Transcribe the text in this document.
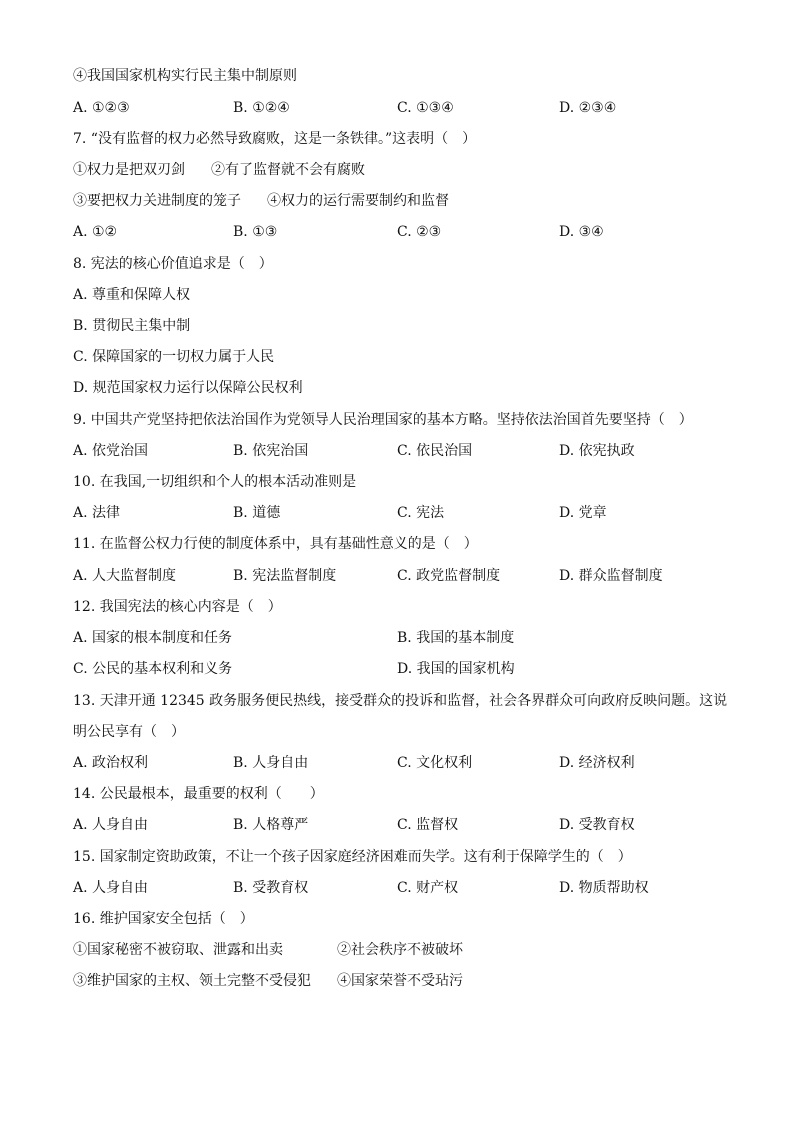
④我国国家机构实行民主集中制原则
A. ①②③	B. ①②④	C. ①③④	D. ②③④
7. “没有监督的权力必然导致腐败，这是一条铁律。”这表明（　）
①权力是把双刃剑 ②有了监督就不会有腐败
③要把权力关进制度的笼子 ④权力的运行需要制约和监督
A. ①②	B. ①③	C. ②③	D. ③④
8. 宪法的核心价值追求是（　）
A. 尊重和保障人权
B. 贯彻民主集中制
C. 保障国家的一切权力属于人民
D. 规范国家权力运行以保障公民权利
9. 中国共产党坚持把依法治国作为党领导人民治理国家的基本方略。坚持依法治国首先要坚持（　）
A. 依党治国	B. 依宪治国	C. 依民治国	D. 依宪执政
10. 在我国,一切组织和个人的根本活动准则是
A. 法律	B. 道德	C. 宪法	D. 党章
11. 在监督公权力行使的制度体系中，具有基础性意义的是（　）
A. 人大监督制度	B. 宪法监督制度	C. 政党监督制度	D. 群众监督制度
12. 我国宪法的核心内容是（　）
A. 国家的根本制度和任务	B. 我国的基本制度
C. 公民的基本权利和义务	D. 我国的国家机构
13. 天津开通 12345 政务服务便民热线，接受群众的投诉和监督，社会各界群众可向政府反映问题。这说
明公民享有（　）
A. 政治权利	B. 人身自由	C. 文化权利	D. 经济权利
14. 公民最根本，最重要的权利（　　）
A. 人身自由	B. 人格尊严	C. 监督权	D. 受教育权
15. 国家制定资助政策，不让一个孩子因家庭经济困难而失学。这有利于保障学生的（　）
A. 人身自由	B. 受教育权	C. 财产权	D. 物质帮助权
16. 维护国家安全包括（　）
①国家秘密不被窃取、泄露和出卖	②社会秩序不被破坏
③维护国家的主权、领土完整不受侵犯 ④国家荣誉不受玷污
